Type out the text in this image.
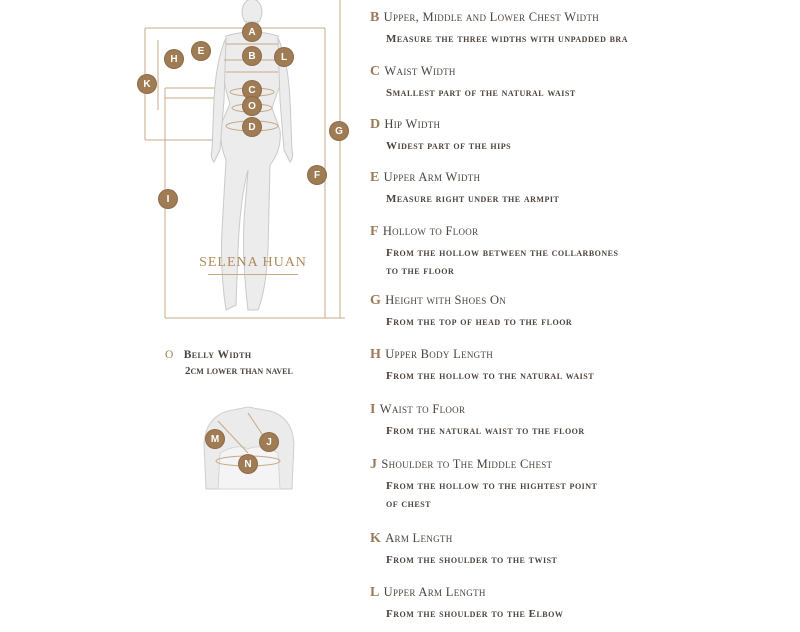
A
B
C
O
D
E
H	L
K
G
F
I
SELENA HUAN
O Belly Width
2cm lower than navel
M	J
N
B Upper, Middle and Lower Chest Width
Measure the three widths with unpadded bra
C Waist Width
Smallest part of the natural waist
D Hip Width
Widest part of the hips
E Upper Arm Width
Measure right under the armpit
F Hollow to Floor
From the hollow between the collarbones
to the floor
G Height with Shoes On
From the top of head to the floor
H Upper Body Length
From the hollow to the natural waist
I Waist to Floor
From the natural waist to the floor
J Shoulder to The Middle Chest
From the hollow to the hightest point
of chest
K Arm Length
From the shoulder to the twist
L Upper Arm Length
From the shoulder to the Elbow
